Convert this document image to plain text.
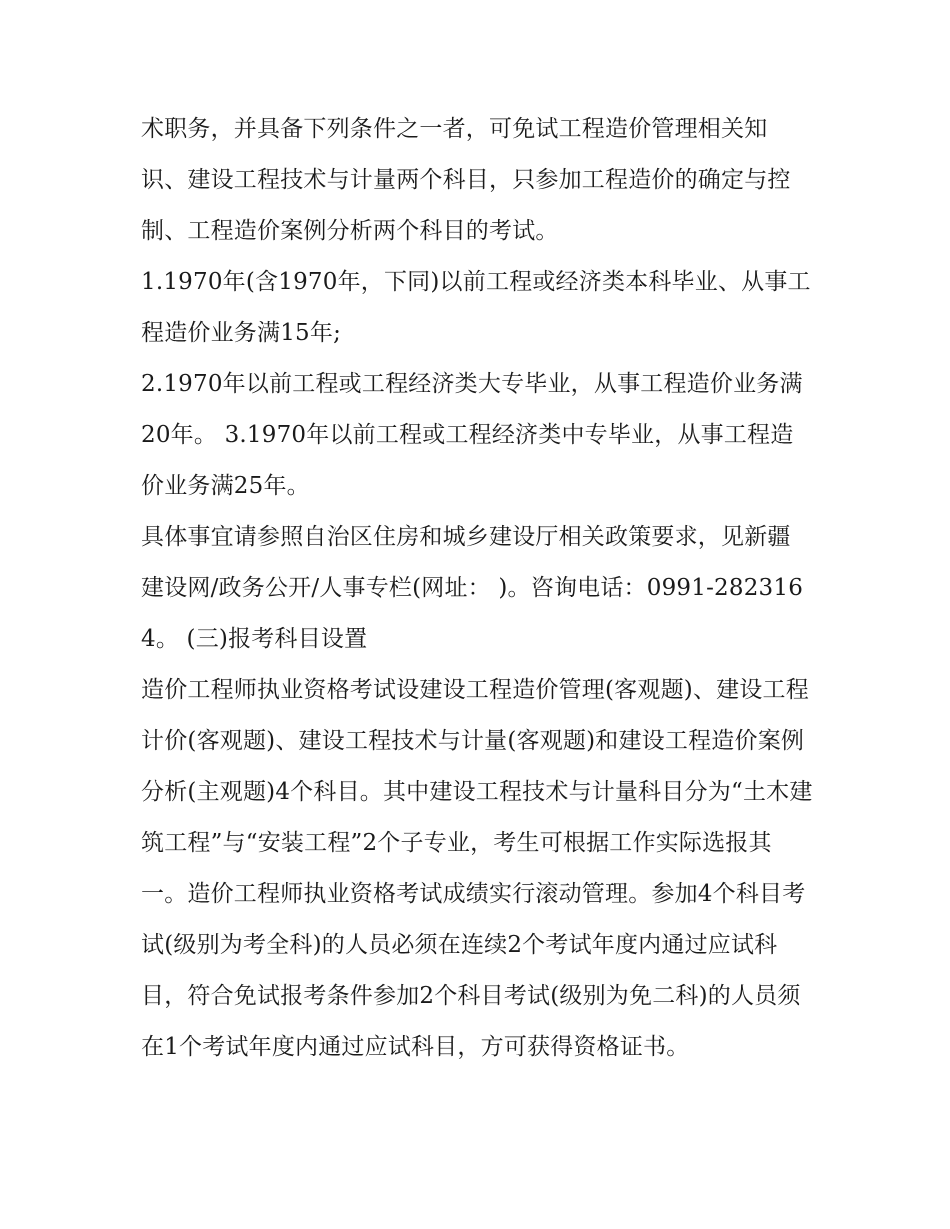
术职务，并具备下列条件之一者，可免试工程造价管理相关知识、建设工程技术与计量两个科目，只参加工程造价的确定与控制、工程造价案例分析两个科目的考试。

1.1970年(含1970年，下同)以前工程或经济类本科毕业、从事工程造价业务满15年;

2.1970年以前工程或工程经济类大专毕业，从事工程造价业务满20年。 3.1970年以前工程或工程经济类中专毕业，从事工程造价业务满25年。

具体事宜请参照自治区住房和城乡建设厅相关政策要求，见新疆建设网/政务公开/人事专栏(网址： )。咨询电话：0991-2823164。 (三)报考科目设置

造价工程师执业资格考试设建设工程造价管理(客观题)、建设工程计价(客观题)、建设工程技术与计量(客观题)和建设工程造价案例分析(主观题)4个科目。其中建设工程技术与计量科目分为“土木建筑工程”与“安装工程”2个子专业，考生可根据工作实际选报其一。造价工程师执业资格考试成绩实行滚动管理。参加4个科目考试(级别为考全科)的人员必须在连续2个考试年度内通过应试科目，符合免试报考条件参加2个科目考试(级别为免二科)的人员须在1个考试年度内通过应试科目，方可获得资格证书。
